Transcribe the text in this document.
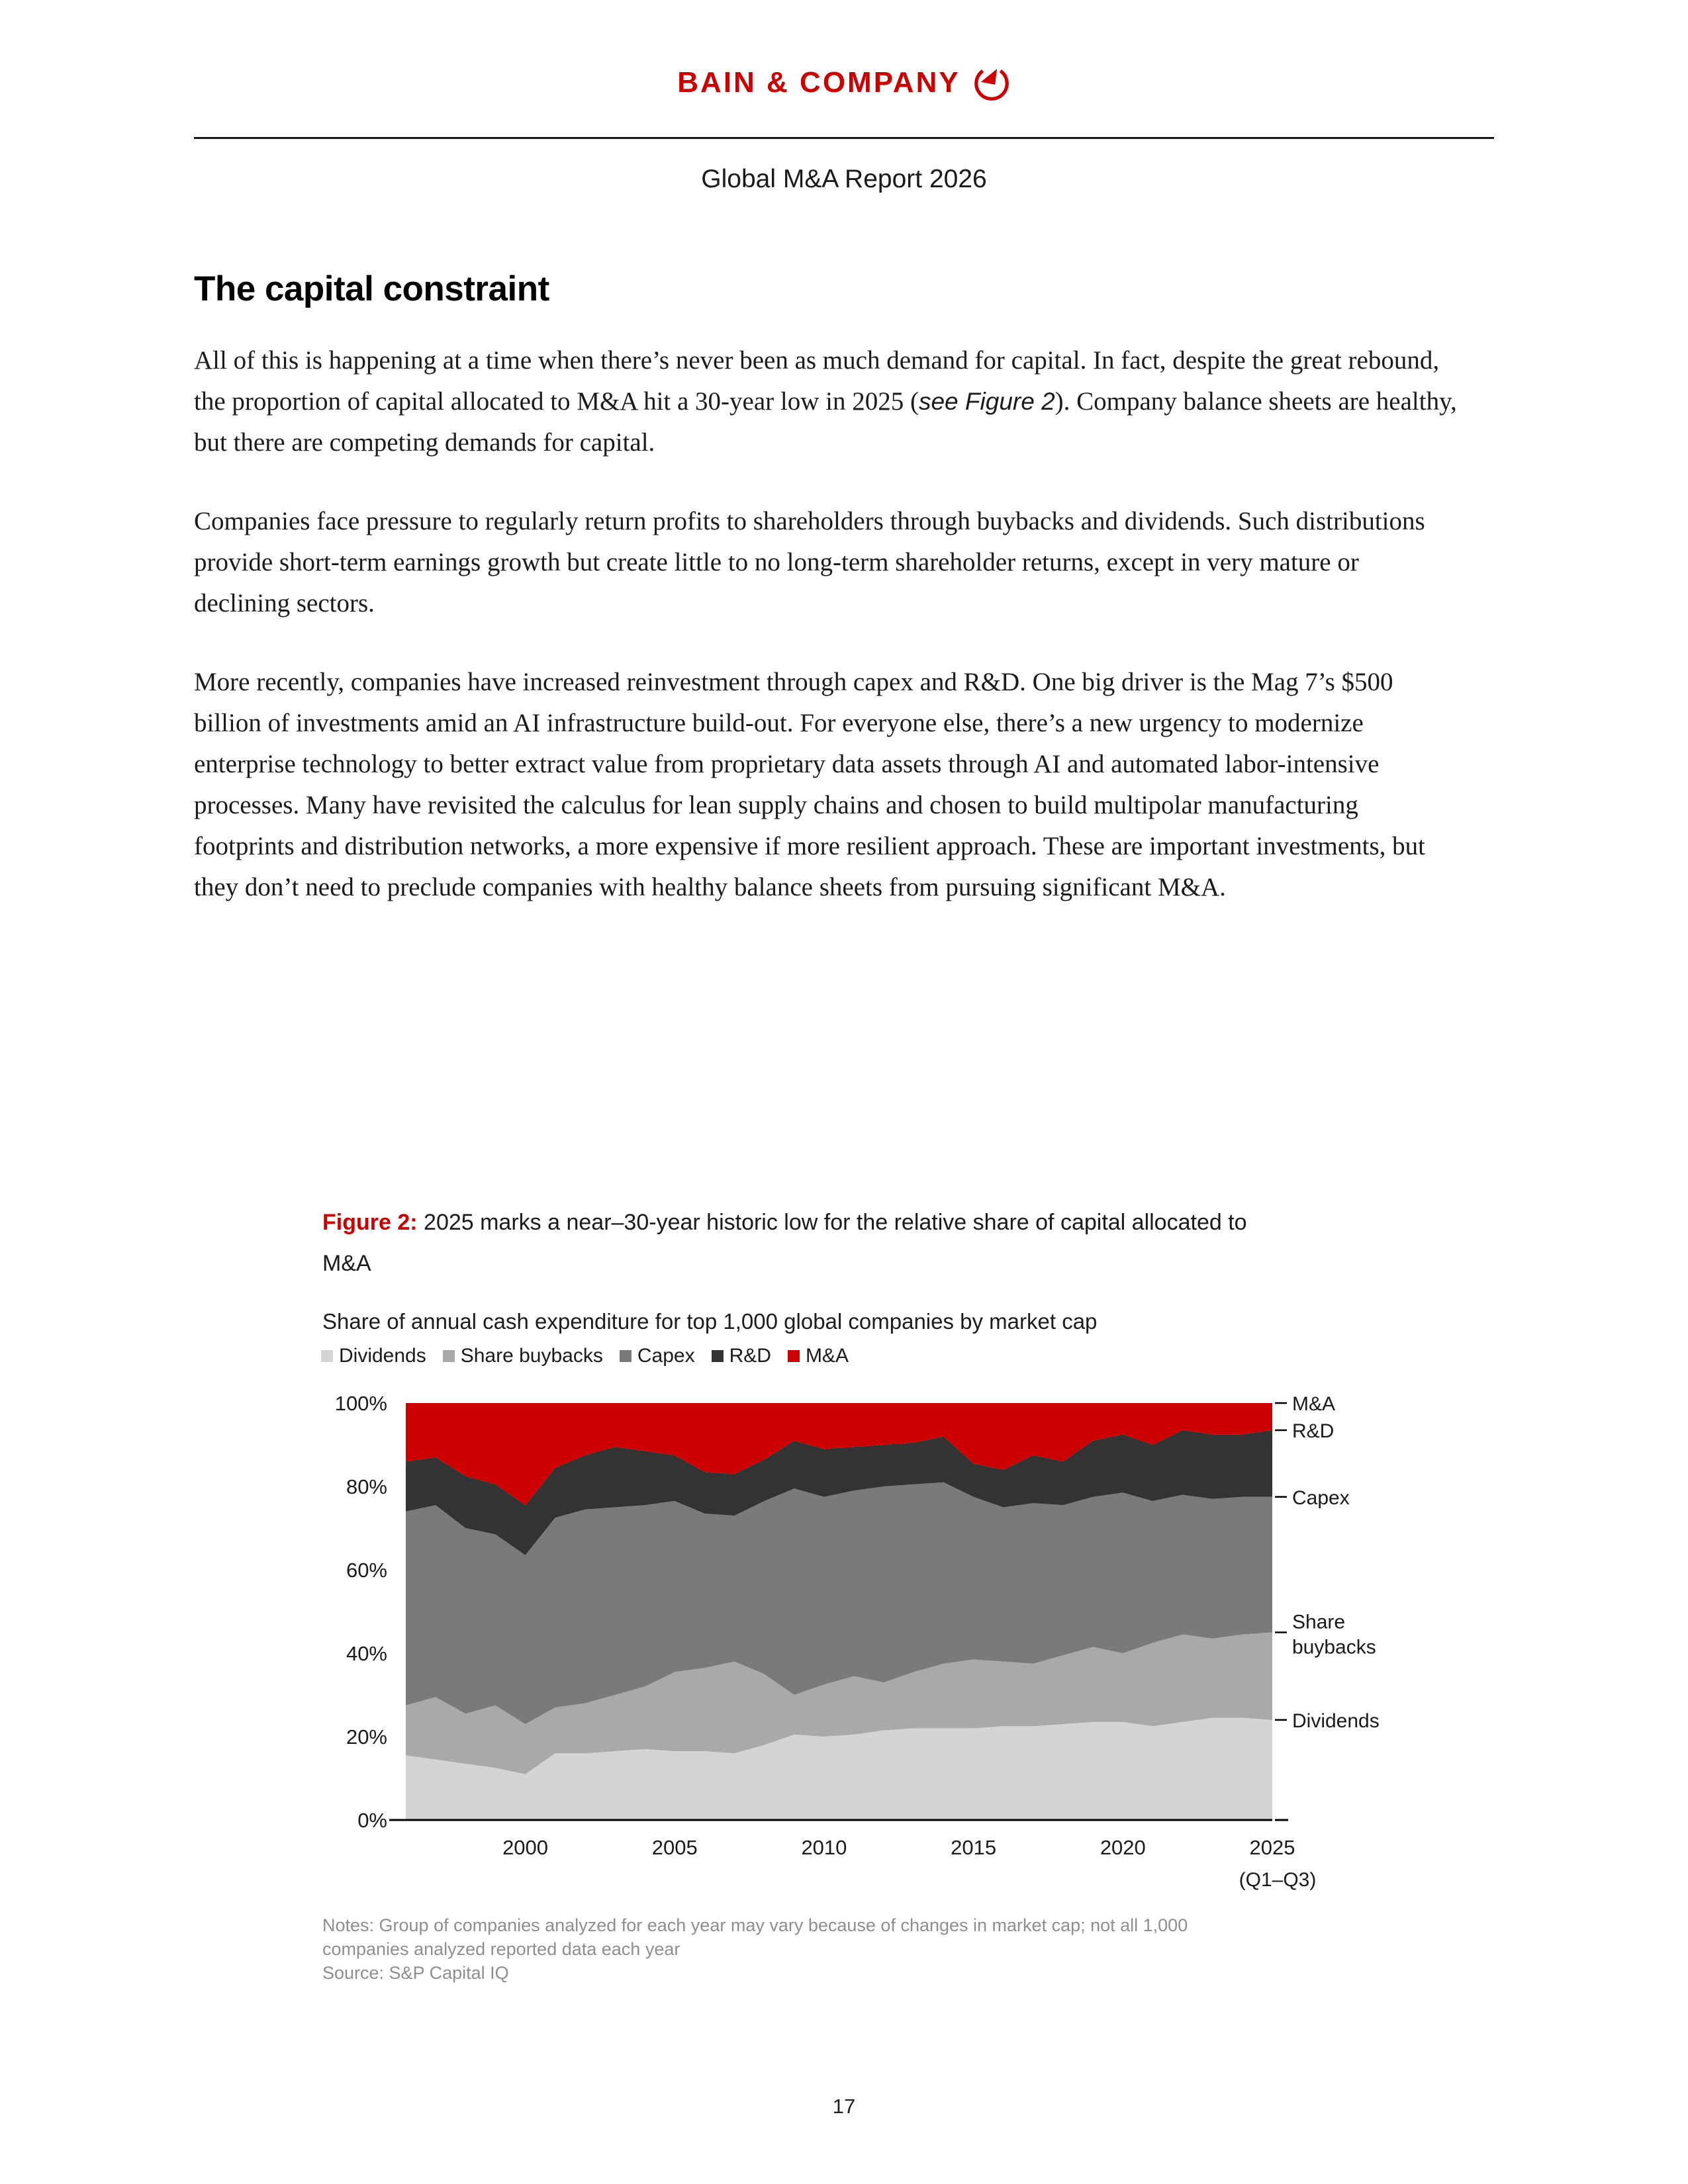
BAIN & COMPANY
Global M&A Report 2026
The capital constraint

All of this is happening at a time when there’s never been as much demand for capital. In fact, despite the great rebound, the proportion of capital allocated to M&A hit a 30-year low in 2025 (see Figure 2). Company balance sheets are healthy, but there are competing demands for capital.

Companies face pressure to regularly return profits to shareholders through buybacks and dividends. Such distributions provide short-term earnings growth but create little to no long-term shareholder returns, except in very mature or declining sectors.

More recently, companies have increased reinvestment through capex and R&D. One big driver is the Mag 7’s $500 billion of investments amid an AI infrastructure build-out. For everyone else, there’s a new urgency to modernize enterprise technology to better extract value from proprietary data assets through AI and automated labor-intensive processes. Many have revisited the calculus for lean supply chains and chosen to build multipolar manufacturing footprints and distribution networks, a more expensive if more resilient approach. These are important investments, but they don’t need to preclude companies with healthy balance sheets from pursuing significant M&A.

Figure 2: 2025 marks a near–30-year historic low for the relative share of capital allocated to M&A
Share of annual cash expenditure for top 1,000 global companies by market cap
Dividends Share buybacks Capex R&D M&A
0%
20%
40%
60%
80%
100%
2000	2005	2010	2015	2020	2025
(Q1–Q3)
M&A
R&D
Capex
Share
buybacks
Dividends
Notes: Group of companies analyzed for each year may vary because of changes in market cap; not all 1,000 companies analyzed reported data each year
Source: S&P Capital IQ
17
